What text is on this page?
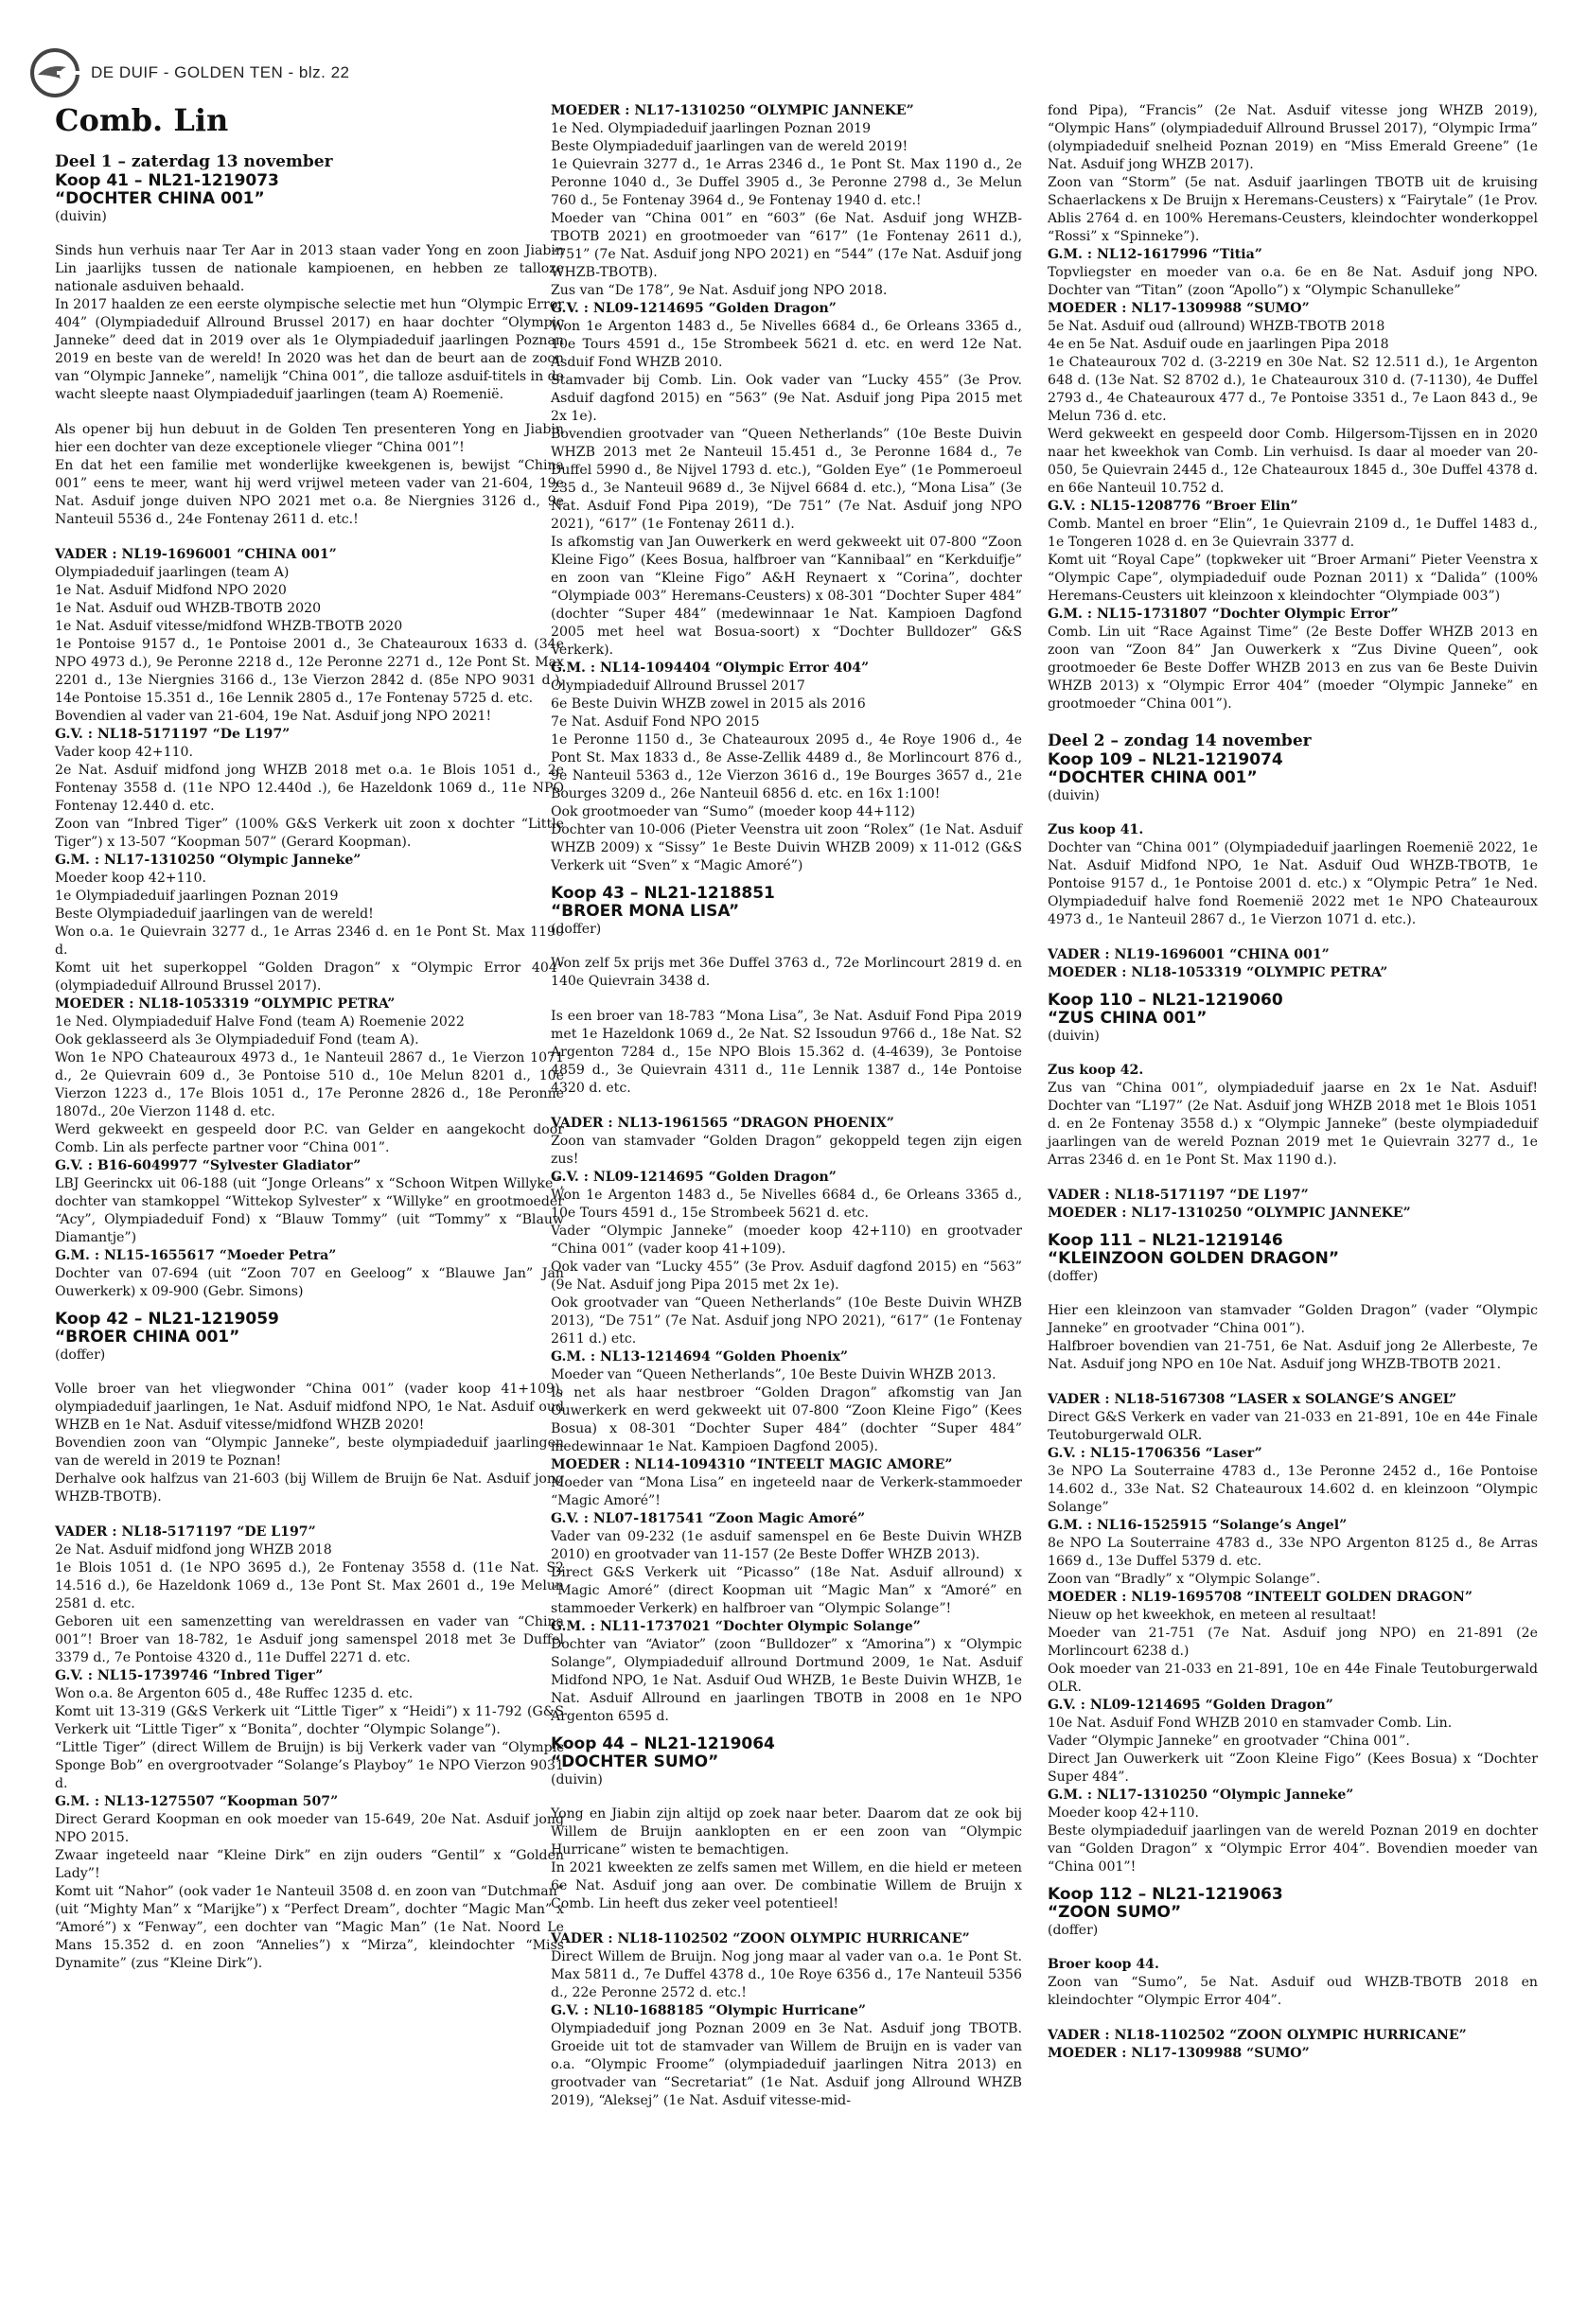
DE DUIF - GOLDEN TEN - blz. 22
Comb. Lin

Deel 1 – zaterdag 13 november

Koop 41 – NL21-1219073

“DOCHTER CHINA 001”

(duivin)

Sinds hun verhuis naar Ter Aar in 2013 staan vader Yong en zoon Jiabin Lin jaarlijks tussen de nationale kampioenen, en hebben ze talloze nationale asduiven behaald.

In 2017 haalden ze een eerste olympische selectie met hun “Olympic Error 404” (Olympiadeduif Allround Brussel 2017) en haar dochter “Olympic Janneke” deed dat in 2019 over als 1e Olympiadeduif jaarlingen Poznan 2019 en beste van de wereld! In 2020 was het dan de beurt aan de zoon van “Olympic Janneke”, namelijk “China 001”, die talloze asduif-titels in de wacht sleepte naast Olympiadeduif jaarlingen (team A) Roemenië.

Als opener bij hun debuut in de Golden Ten presenteren Yong en Jiabin hier een dochter van deze exceptionele vlieger “China 001”!

En dat het een familie met wonderlijke kweekgenen is, bewijst “China 001” eens te meer, want hij werd vrijwel meteen vader van 21-604, 19e Nat. Asduif jonge duiven NPO 2021 met o.a. 8e Niergnies 3126 d., 9e Nanteuil 5536 d., 24e Fontenay 2611 d. etc.!

VADER : NL19-1696001 “CHINA 001”

Olympiadeduif jaarlingen (team A)
1e Nat. Asduif Midfond NPO 2020
1e Nat. Asduif oud WHZB-TBOTB 2020
1e Nat. Asduif vitesse/midfond WHZB-TBOTB 2020
1e Pontoise 9157 d., 1e Pontoise 2001 d., 3e Chateauroux 1633 d. (34e NPO 4973 d.), 9e Peronne 2218 d., 12e Peronne 2271 d., 12e Pont St. Max 2201 d., 13e Niergnies 3166 d., 13e Vierzon 2842 d. (85e NPO 9031 d.), 14e Pontoise 15.351 d., 16e Lennik 2805 d., 17e Fontenay 5725 d. etc.
Bovendien al vader van 21-604, 19e Nat. Asduif jong NPO 2021!

G.V. : NL18-5171197 “De L197”

Vader koop 42+110.
2e Nat. Asduif midfond jong WHZB 2018 met o.a. 1e Blois 1051 d., 2e Fontenay 3558 d. (11e NPO 12.440d .), 6e Hazeldonk 1069 d., 11e NPO Fontenay 12.440 d. etc.
Zoon van “Inbred Tiger” (100% G&S Verkerk uit zoon x dochter “Little Tiger”) x 13-507 “Koopman 507” (Gerard Koopman).

G.M. : NL17-1310250 “Olympic Janneke”

Moeder koop 42+110.
1e Olympiadeduif jaarlingen Poznan 2019
Beste Olympiadeduif jaarlingen van de wereld!
Won o.a. 1e Quievrain 3277 d., 1e Arras 2346 d. en 1e Pont St. Max 1190 d.
Komt uit het superkoppel “Golden Dragon” x “Olympic Error 404” (olympiadeduif Allround Brussel 2017).

MOEDER : NL18-1053319 “OLYMPIC PETRA”

1e Ned. Olympiadeduif Halve Fond (team A) Roemenie 2022
Ook geklasseerd als 3e Olympiadeduif Fond (team A).
Won 1e NPO Chateauroux 4973 d., 1e Nanteuil 2867 d., 1e Vierzon 1071 d., 2e Quievrain 609 d., 3e Pontoise 510 d., 10e Melun 8201 d., 10e Vierzon 1223 d., 17e Blois 1051 d., 17e Peronne 2826 d., 18e Peronne 1807d., 20e Vierzon 1148 d. etc.
Werd gekweekt en gespeeld door P.C. van Gelder en aangekocht door Comb. Lin als perfecte partner voor “China 001”.

G.V. : B16-6049977 “Sylvester Gladiator”

LBJ Geerinckx uit 06-188 (uit “Jonge Orleans” x “Schoon Witpen Willyke”, dochter van stamkoppel “Wittekop Sylvester” x “Willyke” en grootmoeder “Acy”, Olympiadeduif Fond) x “Blauw Tommy” (uit “Tommy” x “Blauw Diamantje”)

G.M. : NL15-1655617 “Moeder Petra”

Dochter van 07-694 (uit “Zoon 707 en Geeloog” x “Blauwe Jan” Jan Ouwerkerk) x 09-900 (Gebr. Simons)

Koop 42 – NL21-1219059

“BROER CHINA 001”

(doffer)

Volle broer van het vliegwonder “China 001” (vader koop 41+109), olympiadeduif jaarlingen, 1e Nat. Asduif midfond NPO, 1e Nat. Asduif oud WHZB en 1e Nat. Asduif vitesse/midfond WHZB 2020!
Bovendien zoon van “Olympic Janneke”, beste olympiadeduif jaarlingen van de wereld in 2019 te Poznan!
Derhalve ook halfzus van 21-603 (bij Willem de Bruijn 6e Nat. Asduif jong WHZB-TBOTB).

VADER : NL18-5171197 “DE L197”

2e Nat. Asduif midfond jong WHZB 2018
1e Blois 1051 d. (1e NPO 3695 d.), 2e Fontenay 3558 d. (11e Nat. S2 14.516 d.), 6e Hazeldonk 1069 d., 13e Pont St. Max 2601 d., 19e Melun 2581 d. etc.
Geboren uit een samenzetting van wereldrassen en vader van “China 001”! Broer van 18-782, 1e Asduif jong samenspel 2018 met 3e Duffel 3379 d., 7e Pontoise 4320 d., 11e Duffel 2271 d. etc.

G.V. : NL15-1739746 “Inbred Tiger”

Won o.a. 8e Argenton 605 d., 48e Ruffec 1235 d. etc.
Komt uit 13-319 (G&S Verkerk uit “Little Tiger” x “Heidi”) x 11-792 (G&S Verkerk uit “Little Tiger” x “Bonita”, dochter “Olympic Solange”).
“Little Tiger” (direct Willem de Bruijn) is bij Verkerk vader van “Olympic Sponge Bob” en overgrootvader “Solange’s Playboy” 1e NPO Vierzon 9031 d.

G.M. : NL13-1275507 “Koopman 507”

Direct Gerard Koopman en ook moeder van 15-649, 20e Nat. Asduif jong NPO 2015.
Zwaar ingeteeld naar “Kleine Dirk” en zijn ouders “Gentil” x “Golden Lady”!
Komt uit “Nahor” (ook vader 1e Nanteuil 3508 d. en zoon van “Dutchman” (uit “Mighty Man” x “Marijke”) x “Perfect Dream”, dochter “Magic Man” x “Amoré”) x “Fenway”, een dochter van “Magic Man” (1e Nat. Noord Le Mans 15.352 d. en zoon “Annelies”) x “Mirza”, kleindochter “Miss Dynamite” (zus “Kleine Dirk”).

MOEDER : NL17-1310250 “OLYMPIC JANNEKE”

1e Ned. Olympiadeduif jaarlingen Poznan 2019
Beste Olympiadeduif jaarlingen van de wereld 2019!
1e Quievrain 3277 d., 1e Arras 2346 d., 1e Pont St. Max 1190 d., 2e Peronne 1040 d., 3e Duffel 3905 d., 3e Peronne 2798 d., 3e Melun 760 d., 5e Fontenay 3964 d., 9e Fontenay 1940 d. etc.!
Moeder van “China 001” en “603” (6e Nat. Asduif jong WHZB-TBOTB 2021) en grootmoeder van “617” (1e Fontenay 2611 d.), “751” (7e Nat. Asduif jong NPO 2021) en “544” (17e Nat. Asduif jong WHZB-TBOTB).
Zus van “De 178”, 9e Nat. Asduif jong NPO 2018.

G.V. : NL09-1214695 “Golden Dragon”

Won 1e Argenton 1483 d., 5e Nivelles 6684 d., 6e Orleans 3365 d., 10e Tours 4591 d., 15e Strombeek 5621 d. etc. en werd 12e Nat. Asduif Fond WHZB 2010.
Stamvader bij Comb. Lin. Ook vader van “Lucky 455” (3e Prov. Asduif dagfond 2015) en “563” (9e Nat. Asduif jong Pipa 2015 met 2x 1e).
Bovendien grootvader van “Queen Netherlands” (10e Beste Duivin WHZB 2013 met 2e Nanteuil 15.451 d., 3e Peronne 1684 d., 7e Duffel 5990 d., 8e Nijvel 1793 d. etc.), “Golden Eye” (1e Pommeroeul 235 d., 3e Nanteuil 9689 d., 3e Nijvel 6684 d. etc.), “Mona Lisa” (3e Nat. Asduif Fond Pipa 2019), “De 751” (7e Nat. Asduif jong NPO 2021), “617” (1e Fontenay 2611 d.).
Is afkomstig van Jan Ouwerkerk en werd gekweekt uit 07-800 “Zoon Kleine Figo” (Kees Bosua, halfbroer van “Kannibaal” en “Kerkduifje” en zoon van “Kleine Figo” A&H Reynaert x “Corina”, dochter “Olympiade 003” Heremans-Ceusters) x 08-301 “Dochter Super 484” (dochter “Super 484” (medewinnaar 1e Nat. Kampioen Dagfond 2005 met heel wat Bosua-soort) x “Dochter Bulldozer” G&S Verkerk).

G.M. : NL14-1094404 “Olympic Error 404”

Olympiadeduif Allround Brussel 2017
6e Beste Duivin WHZB zowel in 2015 als 2016
7e Nat. Asduif Fond NPO 2015
1e Peronne 1150 d., 3e Chateauroux 2095 d., 4e Roye 1906 d., 4e Pont St. Max 1833 d., 8e Asse-Zellik 4489 d., 8e Morlincourt 876 d., 9e Nanteuil 5363 d., 12e Vierzon 3616 d., 19e Bourges 3657 d., 21e Bourges 3209 d., 26e Nanteuil 6856 d. etc. en 16x 1:100!
Ook grootmoeder van “Sumo” (moeder koop 44+112)
Dochter van 10-006 (Pieter Veenstra uit zoon “Rolex” (1e Nat. Asduif WHZB 2009) x “Sissy” 1e Beste Duivin WHZB 2009) x 11-012 (G&S Verkerk uit “Sven” x “Magic Amoré”)

Koop 43 – NL21-1218851

“BROER MONA LISA”

(doffer)

Won zelf 5x prijs met 36e Duffel 3763 d., 72e Morlincourt 2819 d. en 140e Quievrain 3438 d.

Is een broer van 18-783 “Mona Lisa”, 3e Nat. Asduif Fond Pipa 2019 met 1e Hazeldonk 1069 d., 2e Nat. S2 Issoudun 9766 d., 18e Nat. S2 Argenton 7284 d., 15e NPO Blois 15.362 d. (4-4639), 3e Pontoise 4859 d., 3e Quievrain 4311 d., 11e Lennik 1387 d., 14e Pontoise 4320 d. etc.

VADER : NL13-1961565 “DRAGON PHOENIX”

Zoon van stamvader “Golden Dragon” gekoppeld tegen zijn eigen zus!

G.V. : NL09-1214695 “Golden Dragon”

Won 1e Argenton 1483 d., 5e Nivelles 6684 d., 6e Orleans 3365 d., 10e Tours 4591 d., 15e Strombeek 5621 d. etc.
Vader “Olympic Janneke” (moeder koop 42+110) en grootvader “China 001” (vader koop 41+109).
Ook vader van “Lucky 455” (3e Prov. Asduif dagfond 2015) en “563” (9e Nat. Asduif jong Pipa 2015 met 2x 1e).
Ook grootvader van “Queen Netherlands” (10e Beste Duivin WHZB 2013), “De 751” (7e Nat. Asduif jong NPO 2021), “617” (1e Fontenay 2611 d.) etc.

G.M. : NL13-1214694 “Golden Phoenix”

Moeder van “Queen Netherlands”, 10e Beste Duivin WHZB 2013.
Is net als haar nestbroer “Golden Dragon” afkomstig van Jan Ouwerkerk en werd gekweekt uit 07-800 “Zoon Kleine Figo” (Kees Bosua) x 08-301 “Dochter Super 484” (dochter “Super 484” medewinnaar 1e Nat. Kampioen Dagfond 2005).

MOEDER : NL14-1094310 “INTEELT MAGIC AMORE”

Moeder van “Mona Lisa” en ingeteeld naar de Verkerk-stammoeder “Magic Amoré”!

G.V. : NL07-1817541 “Zoon Magic Amoré”

Vader van 09-232 (1e asduif samenspel en 6e Beste Duivin WHZB 2010) en grootvader van 11-157 (2e Beste Doffer WHZB 2013).
Direct G&S Verkerk uit “Picasso” (18e Nat. Asduif allround) x “Magic Amoré” (direct Koopman uit “Magic Man” x “Amoré” en stammoeder Verkerk) en halfbroer van “Olympic Solange”!

G.M. : NL11-1737021 “Dochter Olympic Solange”

Dochter van “Aviator” (zoon “Bulldozer” x “Amorina”) x “Olympic Solange”, Olympiadeduif allround Dortmund 2009, 1e Nat. Asduif Midfond NPO, 1e Nat. Asduif Oud WHZB, 1e Beste Duivin WHZB, 1e Nat. Asduif Allround en jaarlingen TBOTB in 2008 en 1e NPO Argenton 6595 d.

Koop 44 – NL21-1219064

“DOCHTER SUMO”

(duivin)

Yong en Jiabin zijn altijd op zoek naar beter. Daarom dat ze ook bij Willem de Bruijn aanklopten en er een zoon van “Olympic Hurricane” wisten te bemachtigen.
In 2021 kweekten ze zelfs samen met Willem, en die hield er meteen 6e Nat. Asduif jong aan over. De combinatie Willem de Bruijn x Comb. Lin heeft dus zeker veel potentieel!

VADER : NL18-1102502 “ZOON OLYMPIC HURRICANE”

Direct Willem de Bruijn. Nog jong maar al vader van o.a. 1e Pont St. Max 5811 d., 7e Duffel 4378 d., 10e Roye 6356 d., 17e Nanteuil 5356 d., 22e Peronne 2572 d. etc.!

G.V. : NL10-1688185 “Olympic Hurricane”

Olympiadeduif jong Poznan 2009 en 3e Nat. Asduif jong TBOTB. Groeide uit tot de stamvader van Willem de Bruijn en is vader van o.a. “Olympic Froome” (olympiadeduif jaarlingen Nitra 2013) en grootvader van “Secretariat” (1e Nat. Asduif jong Allround WHZB 2019), “Aleksej” (1e Nat. Asduif vitesse-mid-

fond Pipa), “Francis” (2e Nat. Asduif vitesse jong WHZB 2019), “Olympic Hans” (olympiadeduif Allround Brussel 2017), “Olympic Irma” (olympiadeduif snelheid Poznan 2019) en “Miss Emerald Greene” (1e Nat. Asduif jong WHZB 2017).
Zoon van “Storm” (5e nat. Asduif jaarlingen TBOTB uit de kruising Schaerlackens x De Bruijn x Heremans-Ceusters) x “Fairytale” (1e Prov. Ablis 2764 d. en 100% Heremans-Ceusters, kleindochter wonderkoppel “Rossi” x “Spinneke”).

G.M. : NL12-1617996 “Titia”

Topvliegster en moeder van o.a. 6e en 8e Nat. Asduif jong NPO. Dochter van “Titan” (zoon “Apollo”) x “Olympic Schanulleke”

MOEDER : NL17-1309988 “SUMO”

5e Nat. Asduif oud (allround) WHZB-TBOTB 2018
4e en 5e Nat. Asduif oude en jaarlingen Pipa 2018
1e Chateauroux 702 d. (3-2219 en 30e Nat. S2 12.511 d.), 1e Argenton 648 d. (13e Nat. S2 8702 d.), 1e Chateauroux 310 d. (7-1130), 4e Duffel 2793 d., 4e Chateauroux 477 d., 7e Pontoise 3351 d., 7e Laon 843 d., 9e Melun 736 d. etc.
Werd gekweekt en gespeeld door Comb. Hilgersom-Tijssen en in 2020 naar het kweekhok van Comb. Lin verhuisd. Is daar al moeder van 20-050, 5e Quievrain 2445 d., 12e Chateauroux 1845 d., 30e Duffel 4378 d. en 66e Nanteuil 10.752 d.

G.V. : NL15-1208776 “Broer Elin”

Comb. Mantel en broer “Elin”, 1e Quievrain 2109 d., 1e Duffel 1483 d., 1e Tongeren 1028 d. en 3e Quievrain 3377 d.
Komt uit “Royal Cape” (topkweker uit “Broer Armani” Pieter Veenstra x “Olympic Cape”, olympiadeduif oude Poznan 2011) x “Dalida” (100% Heremans-Ceusters uit kleinzoon x kleindochter “Olympiade 003”)

G.M. : NL15-1731807 “Dochter Olympic Error”

Comb. Lin uit “Race Against Time” (2e Beste Doffer WHZB 2013 en zoon van “Zoon 84” Jan Ouwerkerk x “Zus Divine Queen”, ook grootmoeder 6e Beste Doffer WHZB 2013 en zus van 6e Beste Duivin WHZB 2013) x “Olympic Error 404” (moeder “Olympic Janneke” en grootmoeder “China 001”).

Deel 2 – zondag 14 november

Koop 109 – NL21-1219074

“DOCHTER CHINA 001”

(duivin)

Zus koop 41.

Dochter van “China 001” (Olympiadeduif jaarlingen Roemenië 2022, 1e Nat. Asduif Midfond NPO, 1e Nat. Asduif Oud WHZB-TBOTB, 1e Pontoise 9157 d., 1e Pontoise 2001 d. etc.) x “Olympic Petra” 1e Ned. Olympiadeduif halve fond Roemenië 2022 met 1e NPO Chateauroux 4973 d., 1e Nanteuil 2867 d., 1e Vierzon 1071 d. etc.).

VADER : NL19-1696001 “CHINA 001”

MOEDER : NL18-1053319 “OLYMPIC PETRA”

Koop 110 – NL21-1219060

“ZUS CHINA 001”

(duivin)

Zus koop 42.

Zus van “China 001”, olympiadeduif jaarse en 2x 1e Nat. Asduif! Dochter van “L197” (2e Nat. Asduif jong WHZB 2018 met 1e Blois 1051 d. en 2e Fontenay 3558 d.) x “Olympic Janneke” (beste olympiadeduif jaarlingen van de wereld Poznan 2019 met 1e Quievrain 3277 d., 1e Arras 2346 d. en 1e Pont St. Max 1190 d.).

VADER : NL18-5171197 “DE L197”

MOEDER : NL17-1310250 “OLYMPIC JANNEKE”

Koop 111 – NL21-1219146

“KLEINZOON GOLDEN DRAGON”

(doffer)

Hier een kleinzoon van stamvader “Golden Dragon” (vader “Olympic Janneke” en grootvader “China 001”).
Halfbroer bovendien van 21-751, 6e Nat. Asduif jong 2e Allerbeste, 7e Nat. Asduif jong NPO en 10e Nat. Asduif jong WHZB-TBOTB 2021.

VADER : NL18-5167308 “LASER x SOLANGE’S ANGEL”

Direct G&S Verkerk en vader van 21-033 en 21-891, 10e en 44e Finale Teutoburgerwald OLR.

G.V. : NL15-1706356 “Laser”

3e NPO La Souterraine 4783 d., 13e Peronne 2452 d., 16e Pontoise 14.602 d., 33e Nat. S2 Chateauroux 14.602 d. en kleinzoon “Olympic Solange”

G.M. : NL16-1525915 “Solange’s Angel”

8e NPO La Souterraine 4783 d., 33e NPO Argenton 8125 d., 8e Arras 1669 d., 13e Duffel 5379 d. etc.
Zoon van “Bradly” x “Olympic Solange”.

MOEDER : NL19-1695708 “INTEELT GOLDEN DRAGON”

Nieuw op het kweekhok, en meteen al resultaat!
Moeder van 21-751 (7e Nat. Asduif jong NPO) en 21-891 (2e Morlincourt 6238 d.)
Ook moeder van 21-033 en 21-891, 10e en 44e Finale Teutoburgerwald OLR.

G.V. : NL09-1214695 “Golden Dragon”

10e Nat. Asduif Fond WHZB 2010 en stamvader Comb. Lin.
Vader “Olympic Janneke” en grootvader “China 001”.
Direct Jan Ouwerkerk uit “Zoon Kleine Figo” (Kees Bosua) x “Dochter Super 484”.

G.M. : NL17-1310250 “Olympic Janneke”

Moeder koop 42+110.
Beste olympiadeduif jaarlingen van de wereld Poznan 2019 en dochter van “Golden Dragon” x “Olympic Error 404”. Bovendien moeder van “China 001”!

Koop 112 – NL21-1219063

“ZOON SUMO”

(doffer)

Broer koop 44.

Zoon van “Sumo”, 5e Nat. Asduif oud WHZB-TBOTB 2018 en kleindochter “Olympic Error 404”.

VADER : NL18-1102502 “ZOON OLYMPIC HURRICANE”

MOEDER : NL17-1309988 “SUMO”
